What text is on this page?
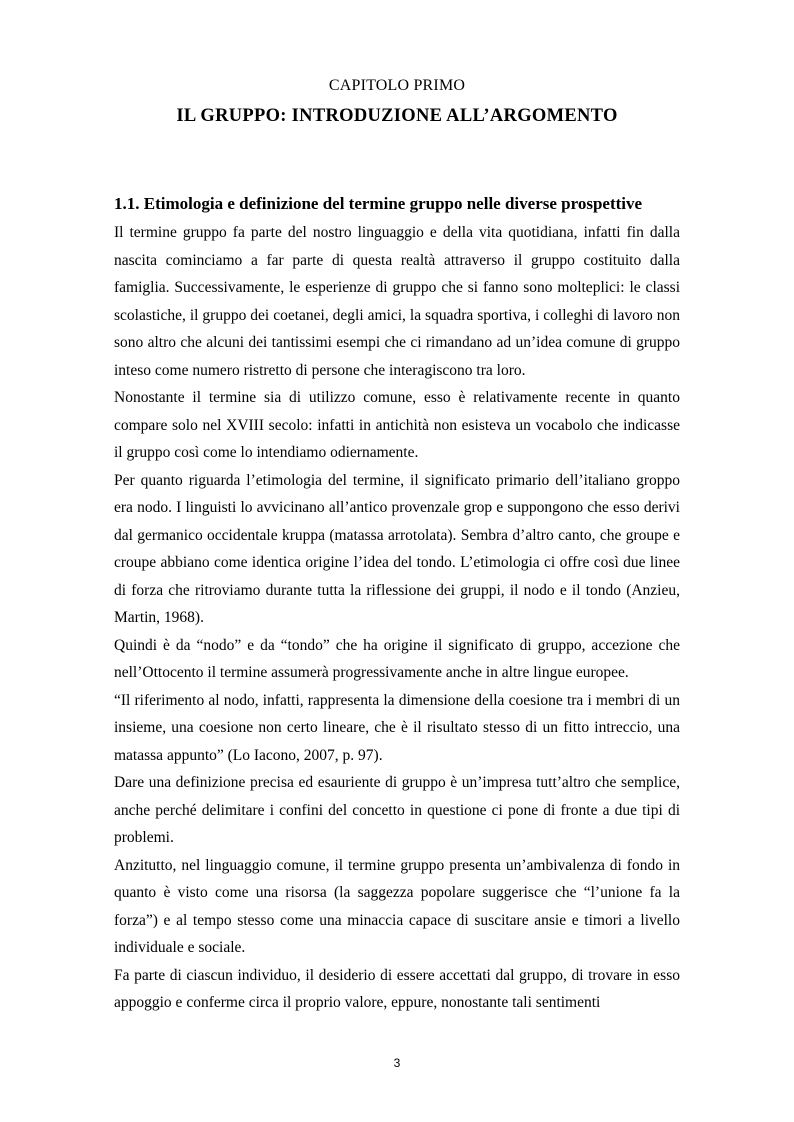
CAPITOLO PRIMO
IL GRUPPO: INTRODUZIONE ALL’ARGOMENTO
1.1. Etimologia e definizione del termine gruppo nelle diverse prospettive

Il termine gruppo fa parte del nostro linguaggio e della vita quotidiana, infatti fin dalla nascita cominciamo a far parte di questa realtà attraverso il gruppo costituito dalla famiglia. Successivamente, le esperienze di gruppo che si fanno sono molteplici: le classi scolastiche, il gruppo dei coetanei, degli amici, la squadra sportiva, i colleghi di lavoro non sono altro che alcuni dei tantissimi esempi che ci rimandano ad un’idea comune di gruppo inteso come numero ristretto di persone che interagiscono tra loro.

Nonostante il termine sia di utilizzo comune, esso è relativamente recente in quanto compare solo nel XVIII secolo: infatti in antichità non esisteva un vocabolo che indicasse il gruppo così come lo intendiamo odiernamente.

Per quanto riguarda l’etimologia del termine, il significato primario dell’italiano groppo era nodo. I linguisti lo avvicinano all’antico provenzale grop e suppongono che esso derivi dal germanico occidentale kruppa (matassa arrotolata). Sembra d’altro canto, che groupe e croupe abbiano come identica origine l’idea del tondo. L’etimologia ci offre così due linee di forza che ritroviamo durante tutta la riflessione dei gruppi, il nodo e il tondo (Anzieu, Martin, 1968).

Quindi è da “nodo” e da “tondo” che ha origine il significato di gruppo, accezione che nell’Ottocento il termine assumerà progressivamente anche in altre lingue europee.

“Il riferimento al nodo, infatti, rappresenta la dimensione della coesione tra i membri di un insieme, una coesione non certo lineare, che è il risultato stesso di un fitto intreccio, una matassa appunto” (Lo Iacono, 2007, p. 97).

Dare una definizione precisa ed esauriente di gruppo è un’impresa tutt’altro che semplice, anche perché delimitare i confini del concetto in questione ci pone di fronte a due tipi di problemi.

Anzitutto, nel linguaggio comune, il termine gruppo presenta un’ambivalenza di fondo in quanto è visto come una risorsa (la saggezza popolare suggerisce che “l’unione fa la forza”) e al tempo stesso come una minaccia capace di suscitare ansie e timori a livello individuale e sociale.

Fa parte di ciascun individuo, il desiderio di essere accettati dal gruppo, di trovare in esso appoggio e conferme circa il proprio valore, eppure, nonostante tali sentimenti

3
